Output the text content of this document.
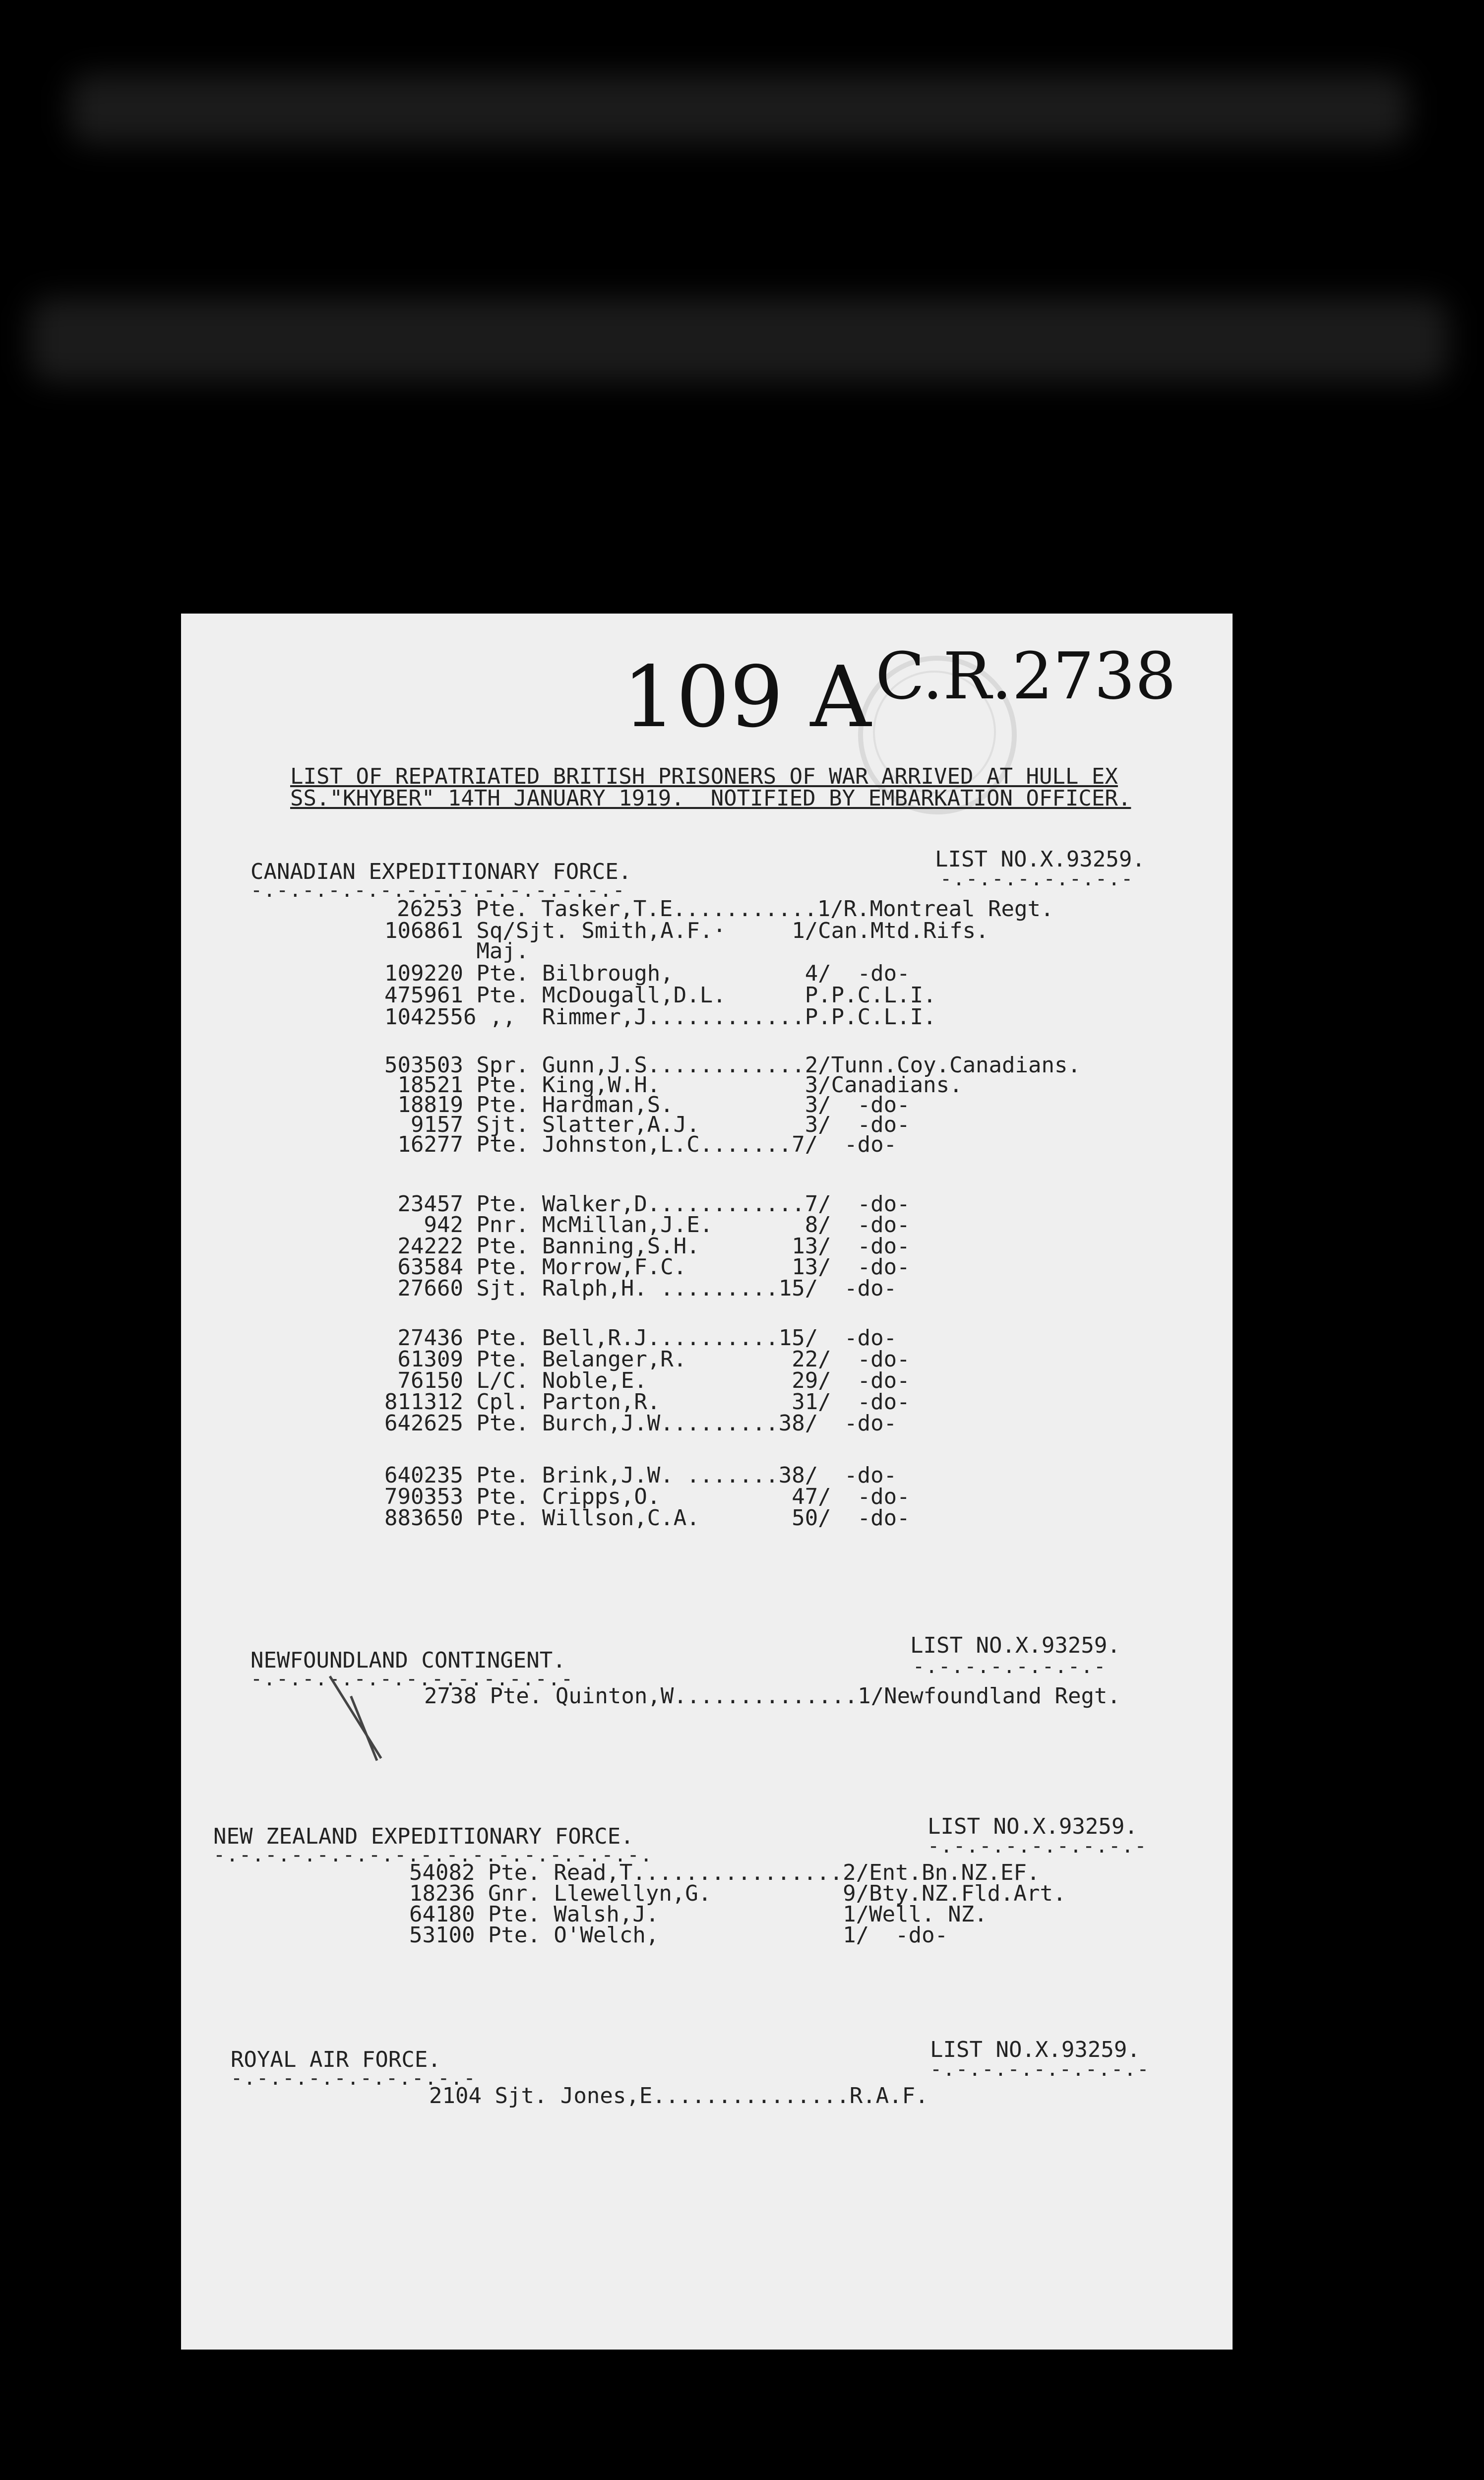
109 A C.R.2738
LIST OF REPATRIATED BRITISH PRISONERS OF WAR ARRIVED AT HULL EX
SS."KHYBER" 14TH JANUARY 1919.  NOTIFIED BY EMBARKATION OFFICER.
CANADIAN EXPEDITIONARY FORCE.	LIST NO.X.93259.
-.-.-.-.-.-.-.-.-.-.-.-.-.-.-	-.-.-.-.-.-.-.-
26253 Pte. Tasker,T.E...........1/R.Montreal Regt.
106861 Sq/Sjt. Smith,A.F.·     1/Can.Mtd.Rifs.
Maj.
109220 Pte. Bilbrough,          4/  -do-
475961 Pte. McDougall,D.L.      P.P.C.L.I.
1042556 ,,  Rimmer,J............P.P.C.L.I.
503503 Spr. Gunn,J.S............2/Tunn.Coy.Canadians.
18521 Pte. King,W.H.           3/Canadians.
18819 Pte. Hardman,S.          3/  -do-
9157 Sjt. Slatter,A.J.        3/  -do-
16277 Pte. Johnston,L.C.......7/  -do-
23457 Pte. Walker,D............7/  -do-
942 Pnr. McMillan,J.E.       8/  -do-
24222 Pte. Banning,S.H.       13/  -do-
63584 Pte. Morrow,F.C.        13/  -do-
27660 Sjt. Ralph,H. .........15/  -do-
27436 Pte. Bell,R.J..........15/  -do-
61309 Pte. Belanger,R.        22/  -do-
76150 L/C. Noble,E.           29/  -do-
811312 Cpl. Parton,R.          31/  -do-
642625 Pte. Burch,J.W.........38/  -do-
640235 Pte. Brink,J.W. .......38/  -do-
790353 Pte. Cripps,O.          47/  -do-
883650 Pte. Willson,C.A.       50/  -do-
NEWFOUNDLAND CONTINGENT.
LIST NO.X.93259.
-.-.-.-.-.-.-.-.-.-.-.-.-
-.-.-.-.-.-.-.-
2738 Pte. Quinton,W..............1/Newfoundland Regt.
NEW ZEALAND EXPEDITIONARY FORCE.	LIST NO.X.93259.
-.-.-.-.-.-.-.-.-.-.-.-.-.-.-.-.-.	-.-.-.-.-.-.-.-.-
54082 Pte. Read,T................2/Ent.Bn.NZ.EF.
18236 Gnr. Llewellyn,G.          9/Bty.NZ.Fld.Art.
64180 Pte. Walsh,J.              1/Well. NZ.
53100 Pte. O'Welch,              1/  -do-
ROYAL AIR FORCE.	LIST NO.X.93259.
-.-.-.-.-.-.-.-.-.-	-.-.-.-.-.-.-.-.-
2104 Sjt. Jones,E...............R.A.F.
